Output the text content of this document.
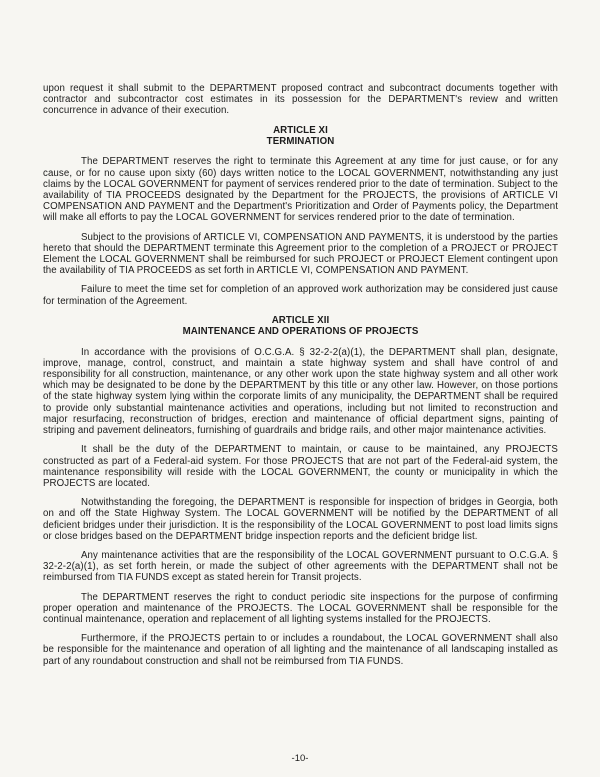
upon request it shall submit to the DEPARTMENT proposed contract and subcontract documents together with contractor and subcontractor cost estimates in its possession for the DEPARTMENT's review and written concurrence in advance of their execution.

ARTICLE XI
TERMINATION

The DEPARTMENT reserves the right to terminate this Agreement at any time for just cause, or for any cause, or for no cause upon sixty (60) days written notice to the LOCAL GOVERNMENT, notwithstanding any just claims by the LOCAL GOVERNMENT for payment of services rendered prior to the date of termination. Subject to the availability of TIA PROCEEDS designated by the Department for the PROJECTS, the provisions of ARTICLE VI COMPENSATION AND PAYMENT and the Department's Prioritization and Order of Payments policy, the Department will make all efforts to pay the LOCAL GOVERNMENT for services rendered prior to the date of termination.

Subject to the provisions of ARTICLE VI, COMPENSATION AND PAYMENTS, it is understood by the parties hereto that should the DEPARTMENT terminate this Agreement prior to the completion of a PROJECT or PROJECT Element the LOCAL GOVERNMENT shall be reimbursed for such PROJECT or PROJECT Element contingent upon the availability of TIA PROCEEDS as set forth in ARTICLE VI, COMPENSATION AND PAYMENT.

Failure to meet the time set for completion of an approved work authorization may be considered just cause for termination of the Agreement.

ARTICLE XII
MAINTENANCE AND OPERATIONS OF PROJECTS

In accordance with the provisions of O.C.G.A. § 32-2-2(a)(1), the DEPARTMENT shall plan, designate, improve, manage, control, construct, and maintain a state highway system and shall have control of and responsibility for all construction, maintenance, or any other work upon the state highway system and all other work which may be designated to be done by the DEPARTMENT by this title or any other law. However, on those portions of the state highway system lying within the corporate limits of any municipality, the DEPARTMENT shall be required to provide only substantial maintenance activities and operations, including but not limited to reconstruction and major resurfacing, reconstruction of bridges, erection and maintenance of official department signs, painting of striping and pavement delineators, furnishing of guardrails and bridge rails, and other major maintenance activities.

It shall be the duty of the DEPARTMENT to maintain, or cause to be maintained, any PROJECTS constructed as part of a Federal-aid system. For those PROJECTS that are not part of the Federal-aid system, the maintenance responsibility will reside with the LOCAL GOVERNMENT, the county or municipality in which the PROJECTS are located.

Notwithstanding the foregoing, the DEPARTMENT is responsible for inspection of bridges in Georgia, both on and off the State Highway System. The LOCAL GOVERNMENT will be notified by the DEPARTMENT of all deficient bridges under their jurisdiction. It is the responsibility of the LOCAL GOVERNMENT to post load limits signs or close bridges based on the DEPARTMENT bridge inspection reports and the deficient bridge list.

Any maintenance activities that are the responsibility of the LOCAL GOVERNMENT pursuant to O.C.G.A. § 32-2-2(a)(1), as set forth herein, or made the subject of other agreements with the DEPARTMENT shall not be reimbursed from TIA FUNDS except as stated herein for Transit projects.

The DEPARTMENT reserves the right to conduct periodic site inspections for the purpose of confirming proper operation and maintenance of the PROJECTS. The LOCAL GOVERNMENT shall be responsible for the continual maintenance, operation and replacement of all lighting systems installed for the PROJECTS.

Furthermore, if the PROJECTS pertain to or includes a roundabout, the LOCAL GOVERNMENT shall also be responsible for the maintenance and operation of all lighting and the maintenance of all landscaping installed as part of any roundabout construction and shall not be reimbursed from TIA FUNDS.

-10-
